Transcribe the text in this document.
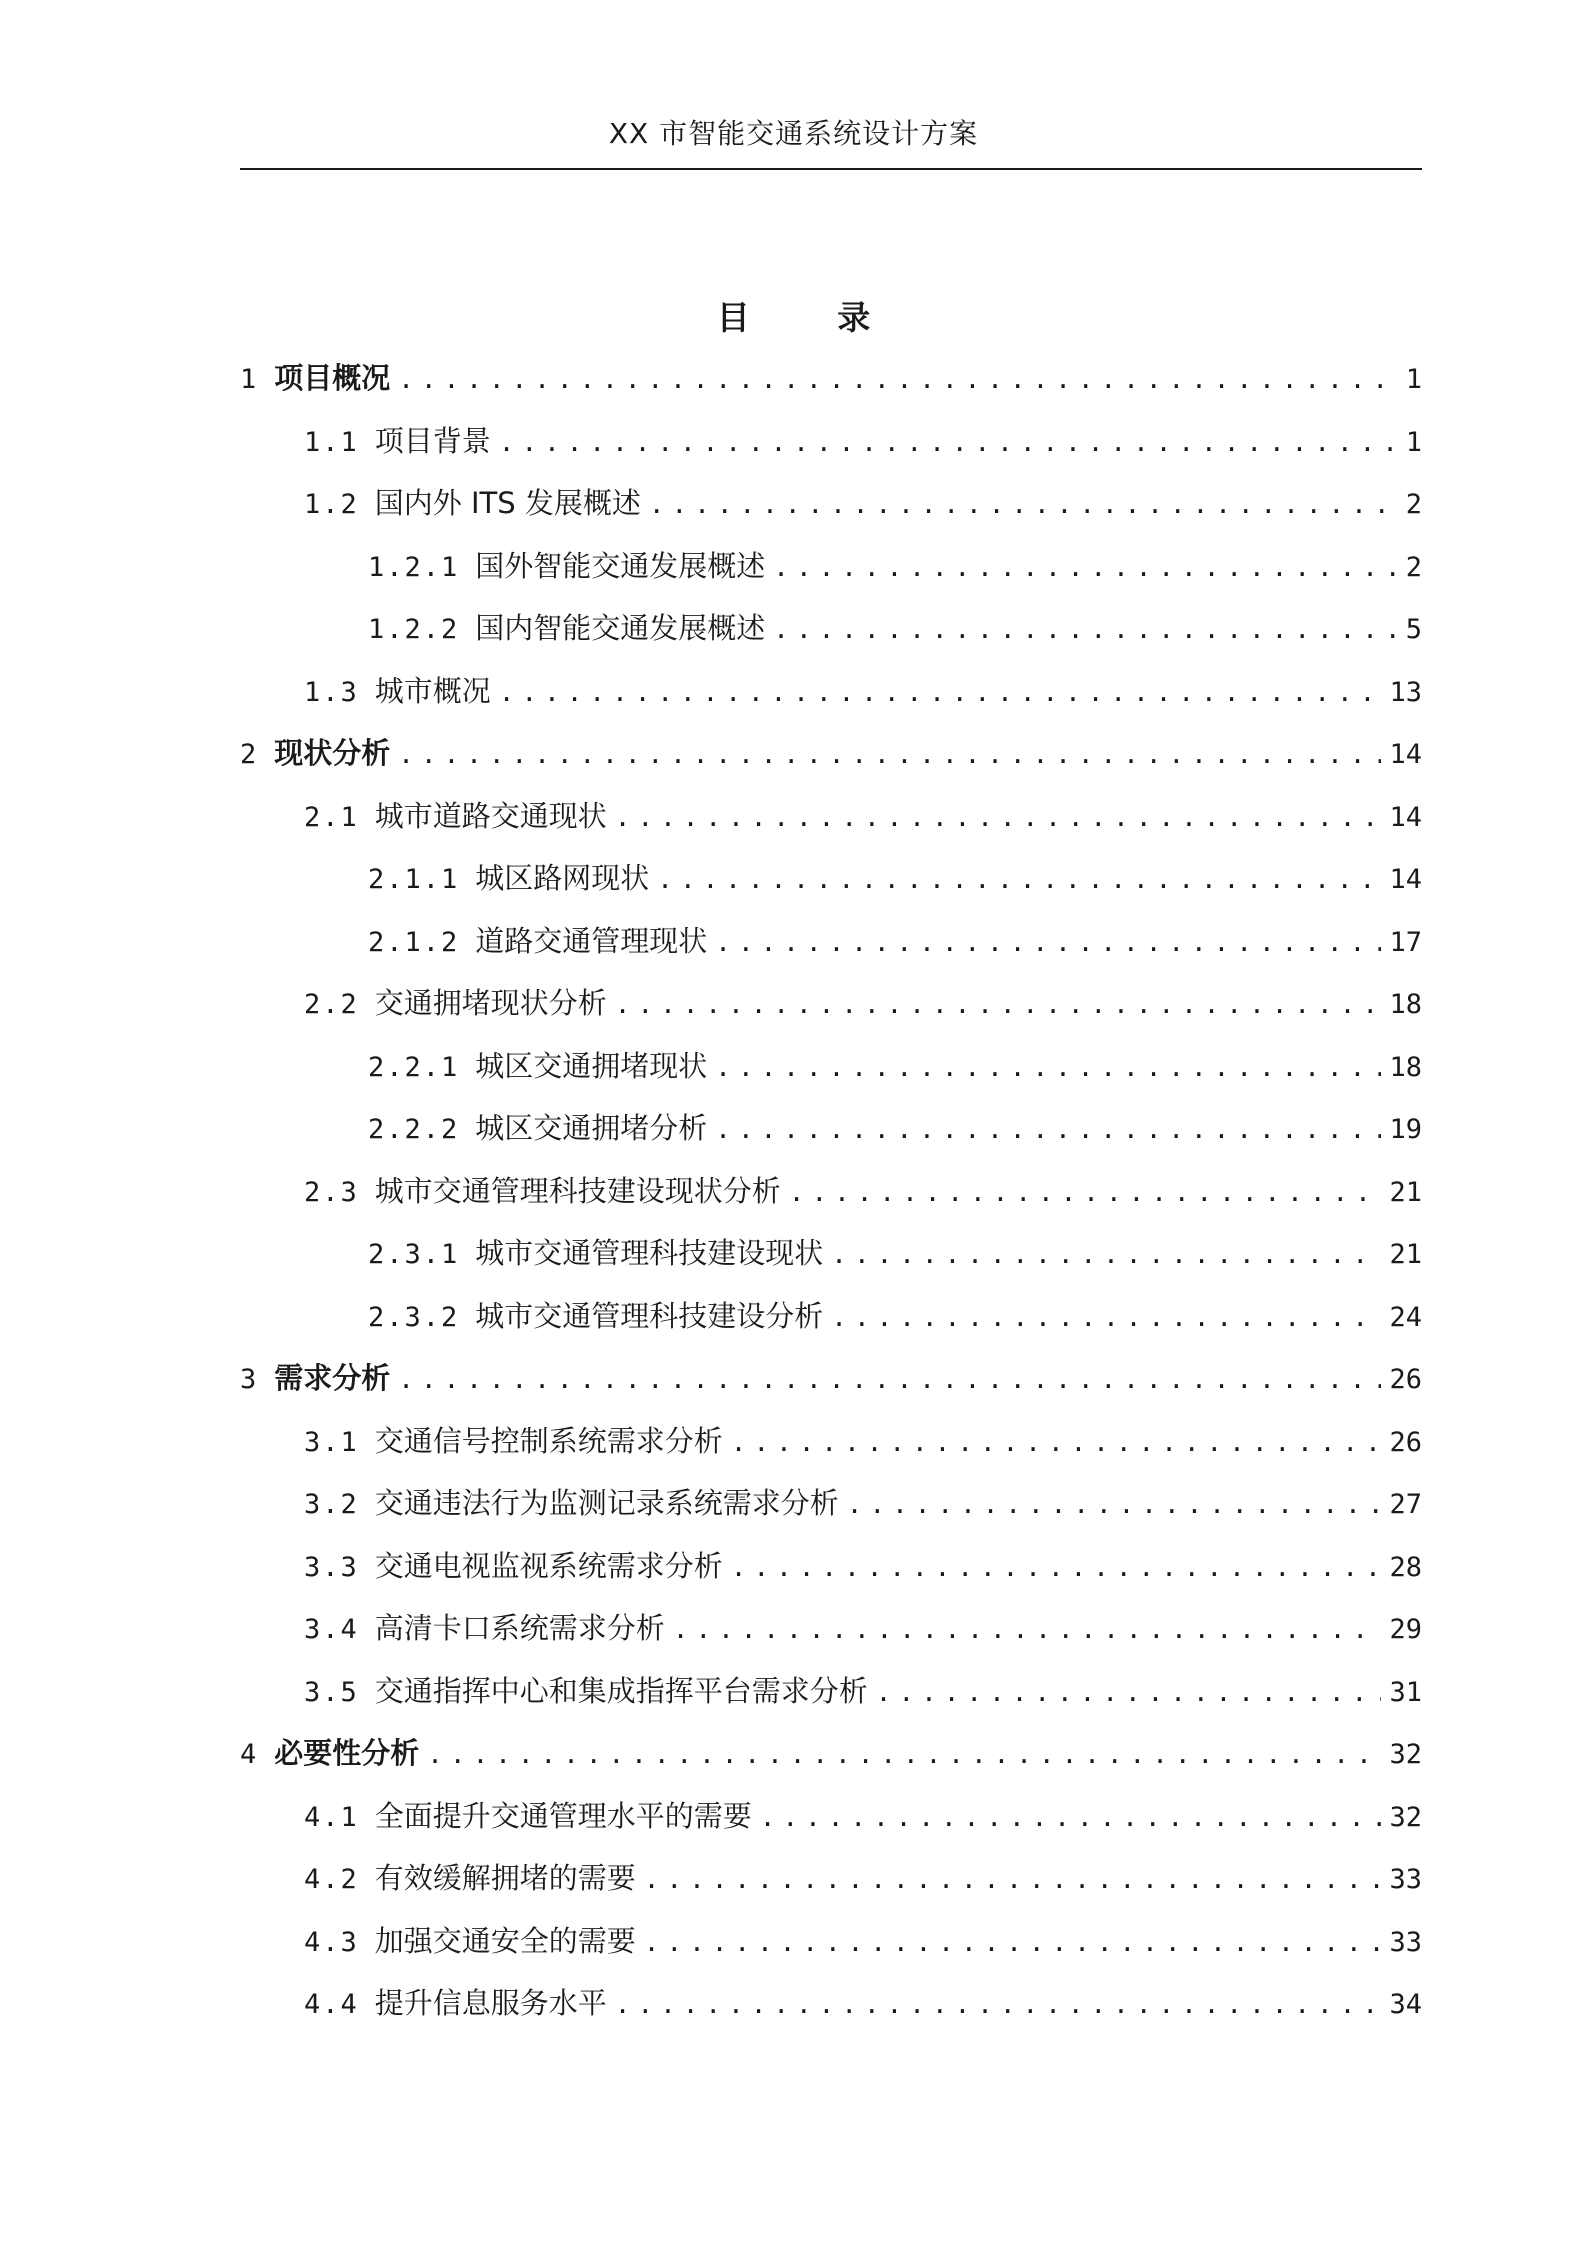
XX 市智能交通系统设计方案
目 录
1 项目概况 .....	1
1.1 项目背景 .....	1
1.2 国内外 ITS 发展概述 .....	2
1.2.1 国外智能交通发展概述 .....	2
1.2.2 国内智能交通发展概述 .....	5
1.3 城市概况 .....	13
2 现状分析 .....	14
2.1 城市道路交通现状 .....	14
2.1.1 城区路网现状 .....	14
2.1.2 道路交通管理现状 .....	17
2.2 交通拥堵现状分析 .....	18
2.2.1 城区交通拥堵现状 .....	18
2.2.2 城区交通拥堵分析 .....	19
2.3 城市交通管理科技建设现状分析 .....	21
2.3.1 城市交通管理科技建设现状 .....	21
2.3.2 城市交通管理科技建设分析 .....	24
3 需求分析 .....	26
3.1 交通信号控制系统需求分析 .....	26
3.2 交通违法行为监测记录系统需求分析 .....	27
3.3 交通电视监视系统需求分析 .....	28
3.4 高清卡口系统需求分析 .....	29
3.5 交通指挥中心和集成指挥平台需求分析 .....	31
4 必要性分析 .....	32
4.1 全面提升交通管理水平的需要 .....	32
4.2 有效缓解拥堵的需要 .....	33
4.3 加强交通安全的需要 .....	33
4.4 提升信息服务水平 .....	34
